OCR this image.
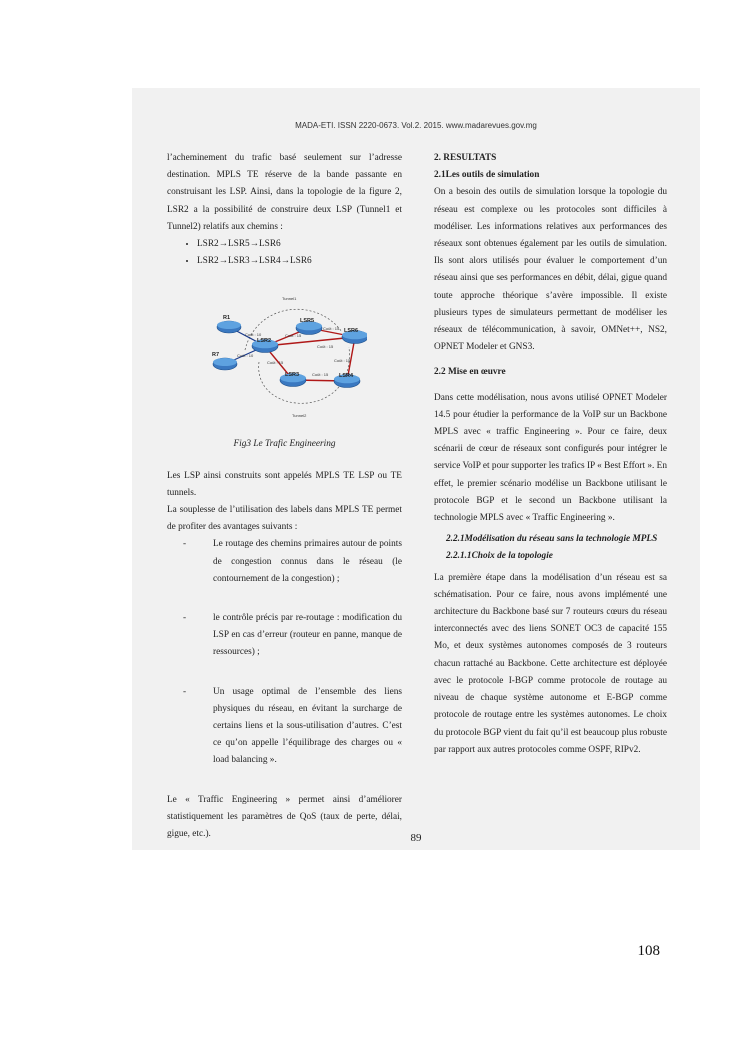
MADA-ETI. ISSN 2220-0673. Vol.2. 2015. www.madarevues.gov.mg

l’acheminement du trafic basé seulement sur l’adresse destination. MPLS TE réserve de la bande passante en construisant les LSP. Ainsi, dans la topologie de la figure 2, LSR2 a la possibilité de construire deux LSP (Tunnel1 et Tunnel2) relatifs aux chemins :

• LSR2→LSR5→LSR6
• LSR2→LSR3→LSR4→LSR6
R1
R7
LSR2
LSR5
LSR6
LSR3	LSR4
Coût : 15
Coût : 15
Coût : 15
Coût : 15
Coût : 15
Coût : 15
Coût : 10
Coût : 10
Tunnel1
Tunnel2
Fig3 Le Trafic Engineering

Les LSP ainsi construits sont appelés MPLS TE LSP ou TE tunnels.

La souplesse de l’utilisation des labels dans MPLS TE permet de profiter des avantages suivants :

-	Le routage des chemins primaires autour de points de congestion connus dans le réseau (le contournement de la congestion) ;
-	le contrôle précis par re-routage : modification du LSP en cas d’erreur (routeur en panne, manque de ressources) ;
-	Un usage optimal de l’ensemble des liens physiques du réseau, en évitant la surcharge de certains liens et la sous-utilisation d’autres. C’est ce qu’on appelle l’équilibrage des charges ou « load balancing ».

Le « Traffic Engineering » permet ainsi d’améliorer statistiquement les paramètres de QoS (taux de perte, délai, gigue, etc.).

2. RESULTATS

2.1Les outils de simulation

On a besoin des outils de simulation lorsque la topologie du réseau est complexe ou les protocoles sont difficiles à modéliser. Les informations relatives aux performances des réseaux sont obtenues également par les outils de simulation. Ils sont alors utilisés pour évaluer le comportement d’un réseau ainsi que ses performances en débit, délai, gigue quand toute approche théorique s’avère impossible. Il existe plusieurs types de simulateurs permettant de modéliser les réseaux de télécommunication, à savoir, OMNet++, NS2, OPNET Modeler et GNS3.

2.2 Mise en œuvre

Dans cette modélisation, nous avons utilisé OPNET Modeler 14.5 pour étudier la performance de la VoIP sur un Backbone MPLS avec « traffic Engineering ». Pour ce faire, deux scénarii de cœur de réseaux sont configurés pour intégrer le service VoIP et pour supporter les trafics IP « Best Effort ». En effet, le premier scénario modélise un Backbone utilisant le protocole BGP et le second un Backbone utilisant la technologie MPLS avec « Traffic Engineering ».

2.2.1Modélisation du réseau sans la technologie MPLS

2.2.1.1Choix de la topologie

La première étape dans la modélisation d’un réseau est sa schématisation. Pour ce faire, nous avons implémenté une architecture du Backbone basé sur 7 routeurs cœurs du réseau interconnectés avec des liens SONET OC3 de capacité 155 Mo, et deux systèmes autonomes composés de 3 routeurs chacun rattaché au Backbone. Cette architecture est déployée avec le protocole I-BGP comme protocole de routage au niveau de chaque système autonome et E-BGP comme protocole de routage entre les systèmes autonomes. Le choix du protocole BGP vient du fait qu’il est beaucoup plus robuste par rapport aux autres protocoles comme OSPF, RIPv2.

89
108
